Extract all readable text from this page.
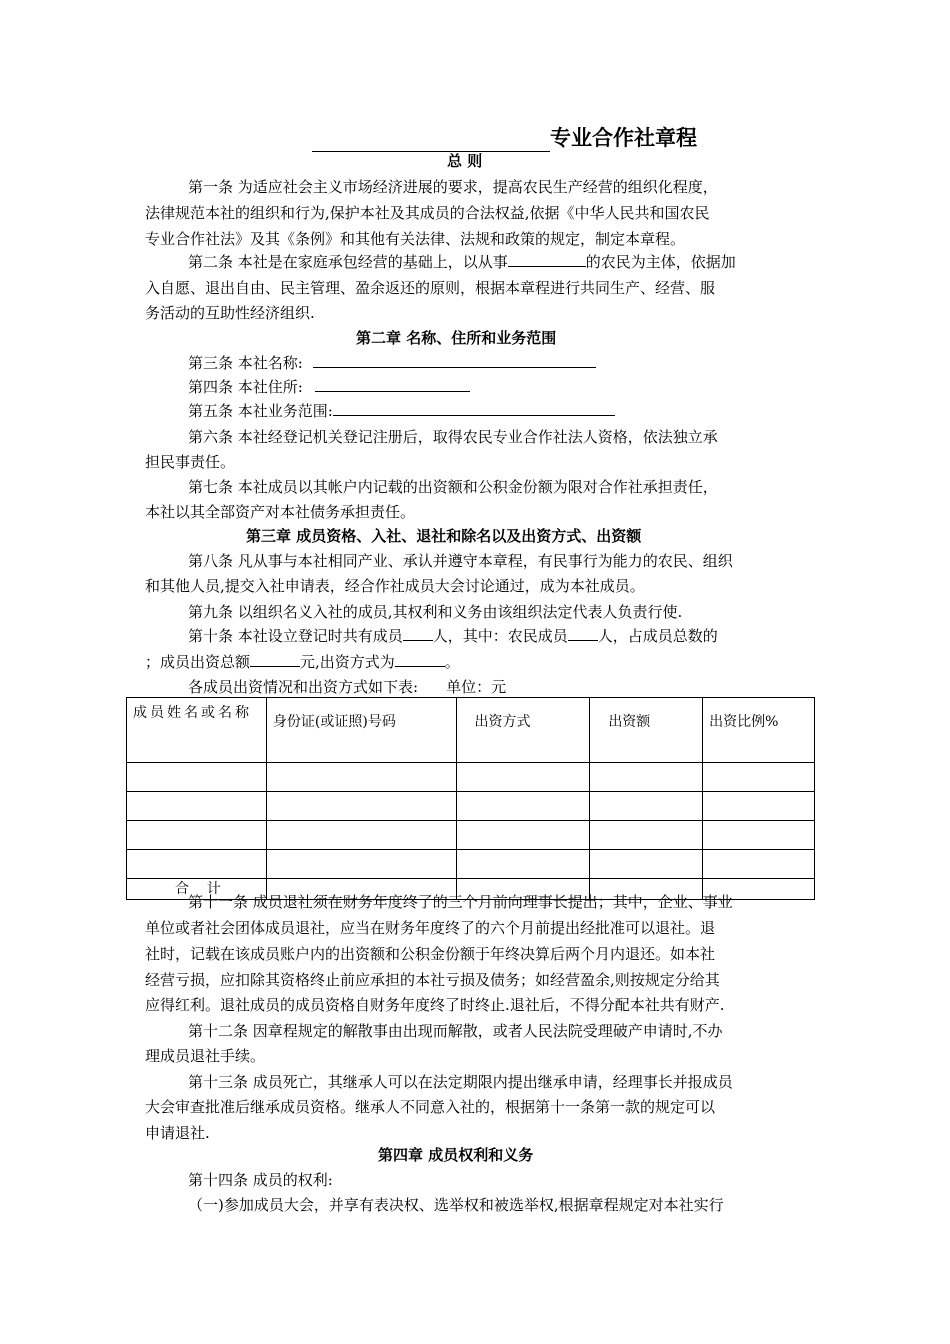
专业合作社章程
总 则
第一条 为适应社会主义市场经济进展的要求，提高农民生产经营的组织化程度，
法律规范本社的组织和行为,保护本社及其成员的合法权益,依据《中华人民共和国农民
专业合作社法》及其《条例》和其他有关法律、法规和政策的规定，制定本章程。
第二条 本社是在家庭承包经营的基础上，以从事	的农民为主体，依据加
入自愿、退出自由、民主管理、盈余返还的原则，根据本章程进行共同生产、经营、服
务活动的互助性经济组织.
第二章 名称、住所和业务范围
第三条 本社名称:
第四条 本社住所:
第五条 本社业务范围:
第六条 本社经登记机关登记注册后，取得农民专业合作社法人资格，依法独立承
担民事责任。
第七条 本社成员以其帐户内记载的出资额和公积金份额为限对合作社承担责任，
本社以其全部资产对本社债务承担责任。
第三章 成员资格、入社、退社和除名以及出资方式、出资额
第八条 凡从事与本社相同产业、承认并遵守本章程，有民事行为能力的农民、组织
和其他人员,提交入社申请表，经合作社成员大会讨论通过，成为本社成员。
第九条 以组织名义入社的成员,其权利和义务由该组织法定代表人负责行使.
第十条 本社设立登记时共有成员 人，其中：农民成员 人，占成员总数的
；成员出资总额	元,出资方式为	。
各成员出资情况和出资方式如下表: 单位：元
成员姓名或名称	身份证(或证照)号码	出资方式	出资额	出资比例%

合    计				
第十一条 成员退社须在财务年度终了的三个月前向理事长提出；其中，企业、事业
单位或者社会团体成员退社，应当在财务年度终了的六个月前提出经批准可以退社。退
社时，记载在该成员账户内的出资额和公积金份额于年终决算后两个月内退还。如本社
经营亏损，应扣除其资格终止前应承担的本社亏损及债务；如经营盈余,则按规定分给其
应得红利。退社成员的成员资格自财务年度终了时终止.退社后，不得分配本社共有财产.
第十二条 因章程规定的解散事由出现而解散，或者人民法院受理破产申请时,不办
理成员退社手续。
第十三条 成员死亡，其继承人可以在法定期限内提出继承申请，经理事长并报成员
大会审查批准后继承成员资格。继承人不同意入社的，根据第十一条第一款的规定可以
申请退社.
第四章 成员权利和义务
第十四条 成员的权利:
（一)参加成员大会，并享有表决权、选举权和被选举权,根据章程规定对本社实行
